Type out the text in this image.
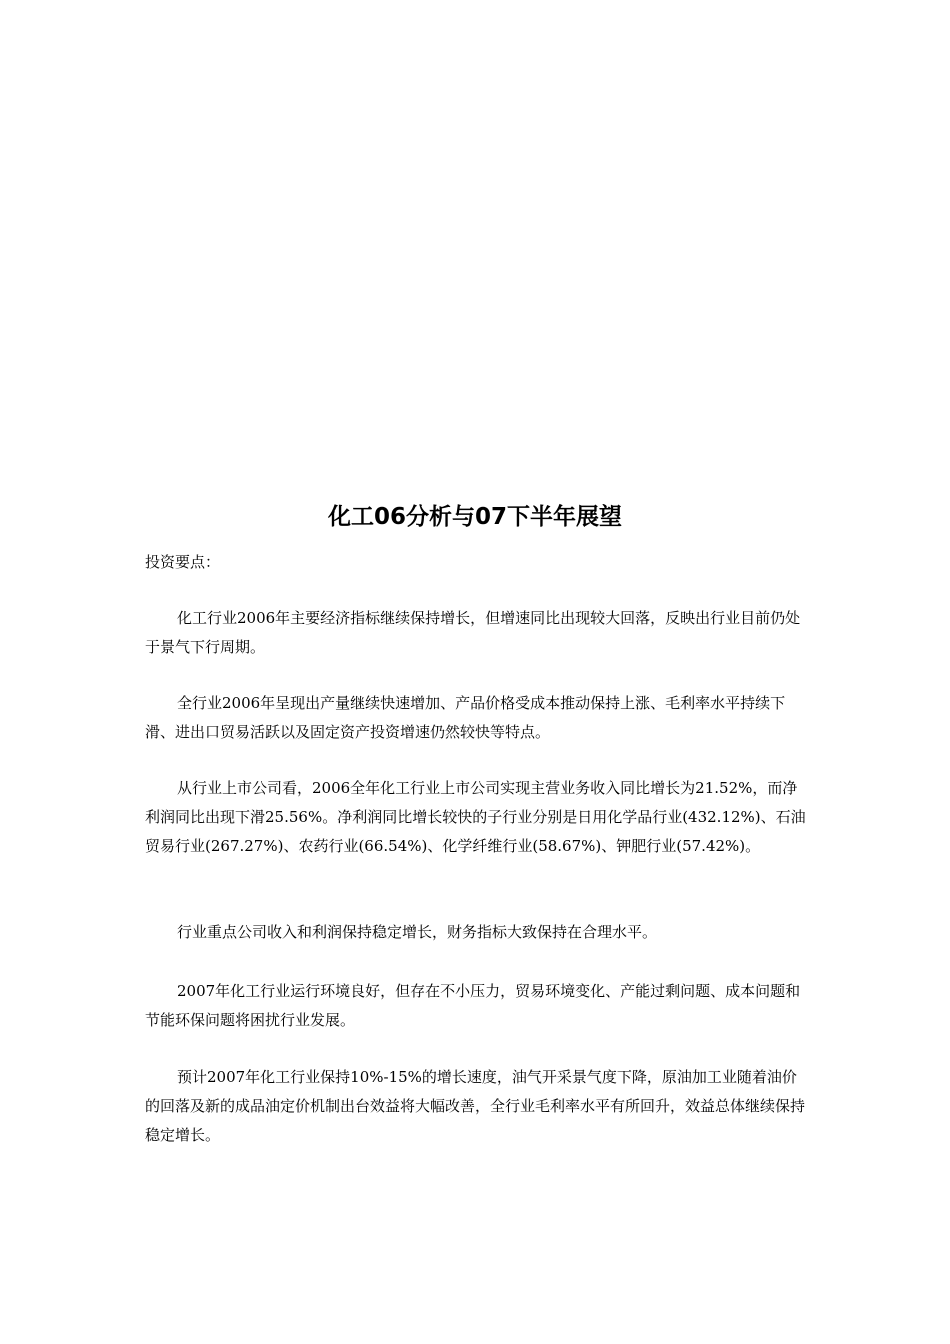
化工06分析与07下半年展望
投资要点：

化工行业2006年主要经济指标继续保持增长，但增速同比出现较大回落，反映出行业目前仍处于景气下行周期。

全行业2006年呈现出产量继续快速增加、产品价格受成本推动保持上涨、毛利率水平持续下滑、进出口贸易活跃以及固定资产投资增速仍然较快等特点。

从行业上市公司看，2006全年化工行业上市公司实现主营业务收入同比增长为21.52%，而净利润同比出现下滑25.56%。净利润同比增长较快的子行业分别是日用化学品行业(432.12%)、石油贸易行业(267.27%)、农药行业(66.54%)、化学纤维行业(58.67%)、钾肥行业(57.42%)。

行业重点公司收入和利润保持稳定增长，财务指标大致保持在合理水平。

2007年化工行业运行环境良好，但存在不小压力，贸易环境变化、产能过剩问题、成本问题和节能环保问题将困扰行业发展。

预计2007年化工行业保持10%-15%的增长速度，油气开采景气度下降，原油加工业随着油价的回落及新的成品油定价机制出台效益将大幅改善，全行业毛利率水平有所回升，效益总体继续保持稳定增长。
